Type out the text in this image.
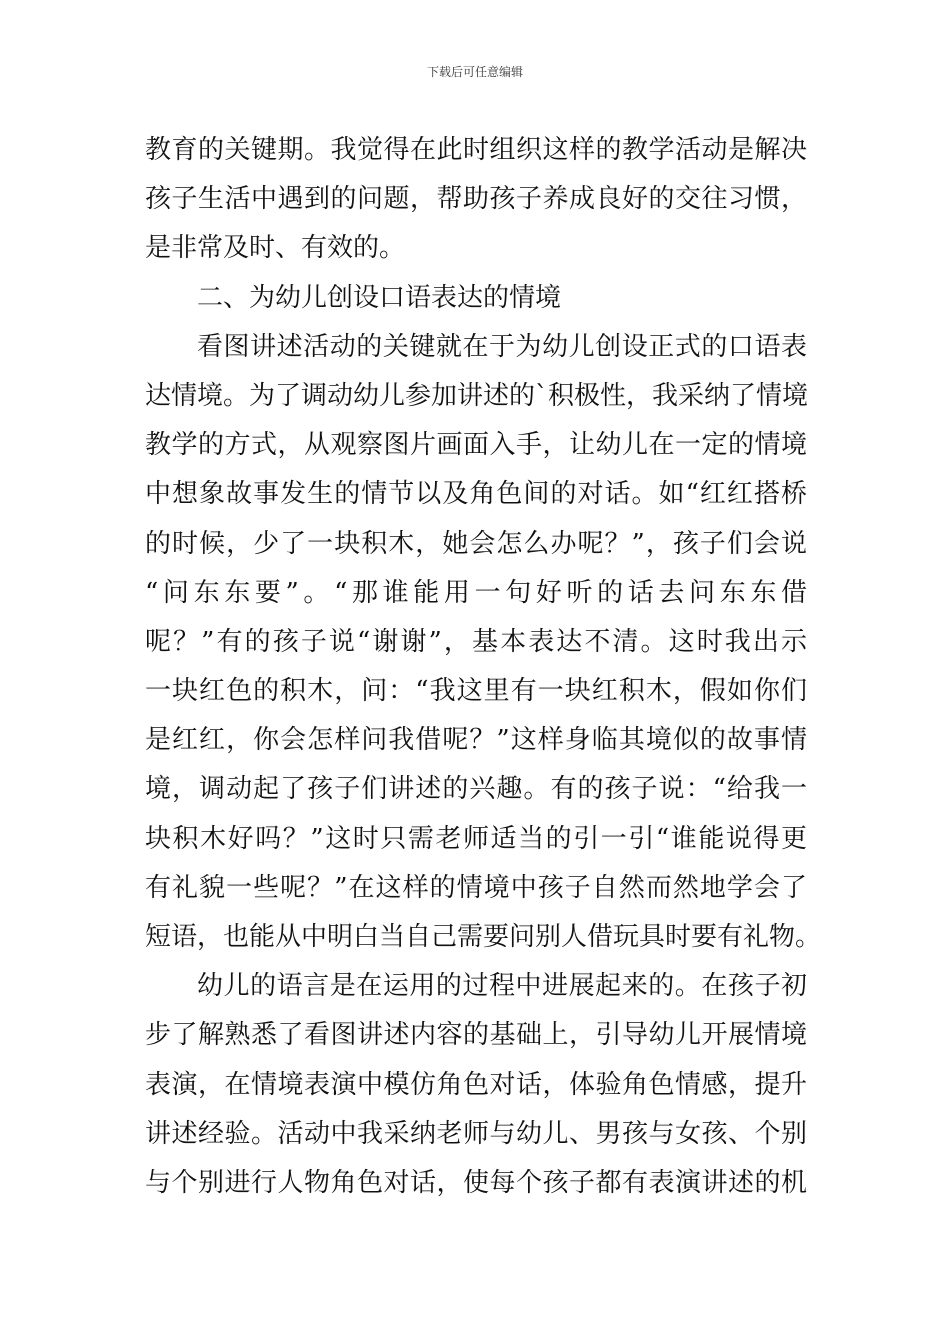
下载后可任意编辑
教育的关键期。我觉得在此时组织这样的教学活动是解决
孩子生活中遇到的问题，帮助孩子养成良好的交往习惯，
是非常及时、有效的。
二、为幼儿创设口语表达的情境
看图讲述活动的关键就在于为幼儿创设正式的口语表
达情境。为了调动幼儿参加讲述的`积极性，我采纳了情境
教学的方式，从观察图片画面入手，让幼儿在一定的情境
中想象故事发生的情节以及角色间的对话。如“红红搭桥
的时候，少了一块积木，她会怎么办呢？”，孩子们会说
“问东东要”。“那谁能用一句好听的话去问东东借
呢？”有的孩子说“谢谢”，基本表达不清。这时我出示
一块红色的积木，问：“我这里有一块红积木，假如你们
是红红，你会怎样问我借呢？”这样身临其境似的故事情
境，调动起了孩子们讲述的兴趣。有的孩子说：“给我一
块积木好吗？”这时只需老师适当的引一引“谁能说得更
有礼貌一些呢？”在这样的情境中孩子自然而然地学会了
短语，也能从中明白当自己需要问别人借玩具时要有礼物。
幼儿的语言是在运用的过程中进展起来的。在孩子初
步了解熟悉了看图讲述内容的基础上，引导幼儿开展情境
表演，在情境表演中模仿角色对话，体验角色情感，提升
讲述经验。活动中我采纳老师与幼儿、男孩与女孩、个别
与个别进行人物角色对话，使每个孩子都有表演讲述的机
